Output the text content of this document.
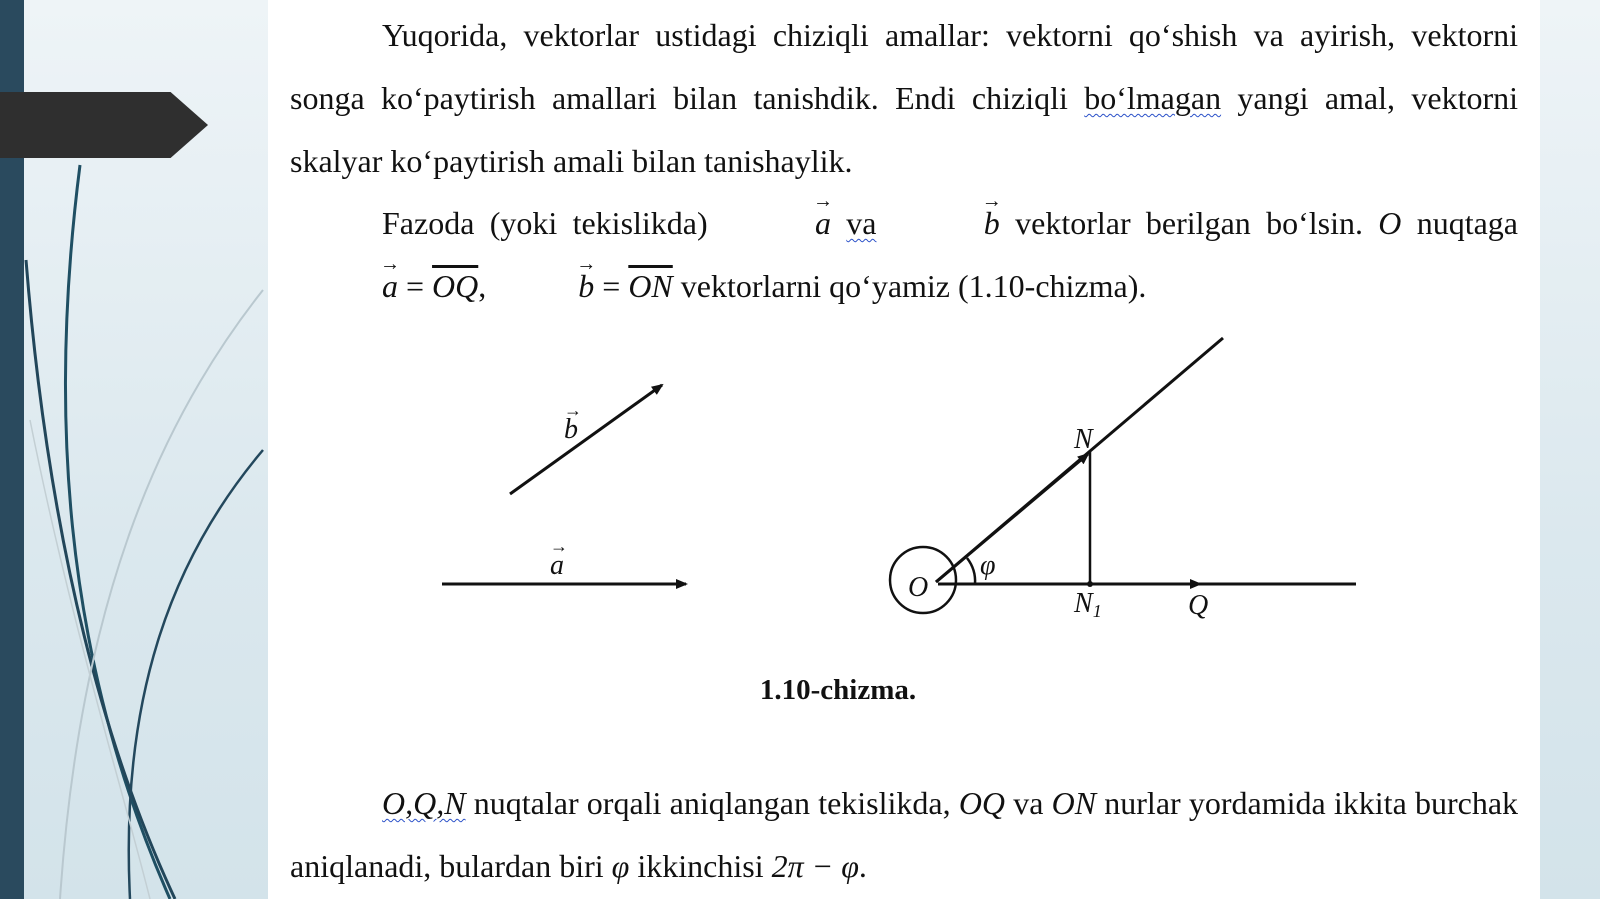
Yuqorida, vektorlar ustidagi chiziqli amallar: vektorni qo‘shish va ayirish, vektorni songa ko‘paytirish amallari bilan tanishdik. Endi chiziqli bo‘lmagan yangi amal, vektorni skalyar ko‘paytirish amali bilan tanishaylik.

Fazoda (yoki tekislikda)	→ a va	→ b vektorlar berilgan bo‘lsin. O nuqtaga → $a = \overline{OQ}$,	→ $b = \overline{ON}$ vektorlarni qo‘yamiz (1.10-chizma).

b
→
a
→
O
φ
N
N1	Q
1.10-chizma.

O,Q,N nuqtalar orqali aniqlangan tekislikda, OQ va ON nurlar yordamida ikkita burchak aniqlanadi, bulardan biri φ ikkinchisi 2π − φ.
